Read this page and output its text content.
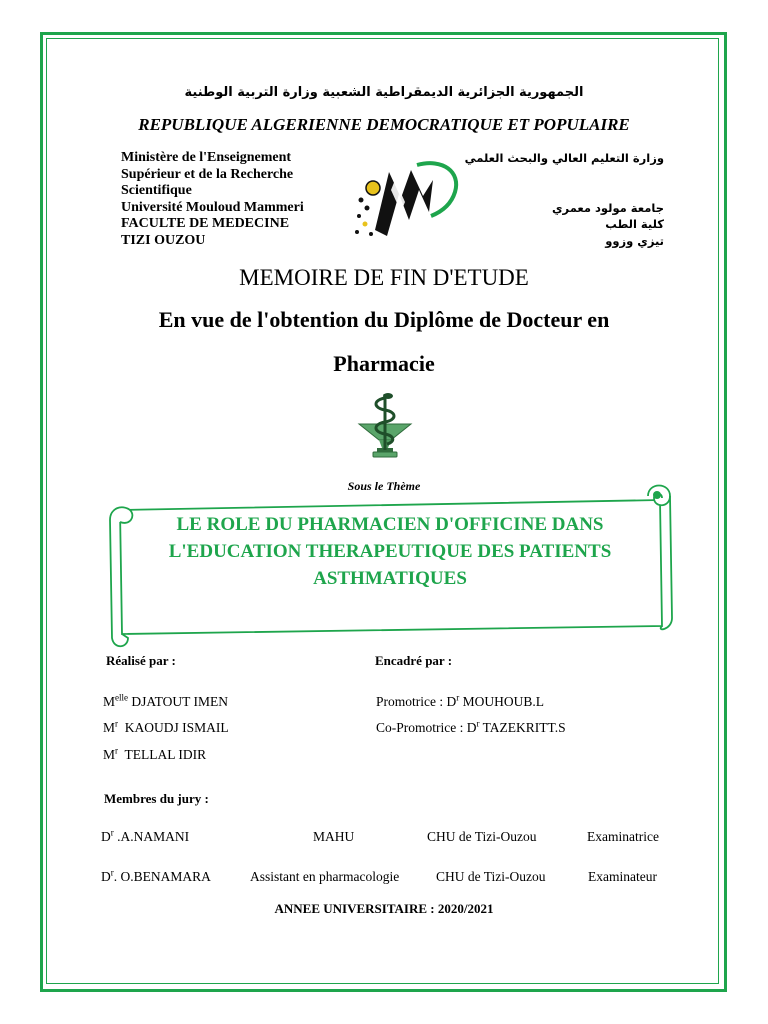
الجمهورية الجزائرية الديمقراطية الشعبية وزارة التربية الوطنية
REPUBLIQUE ALGERIENNE DEMOCRATIQUE ET POPULAIRE
Ministère de l'Enseignement
Supérieur et de la Recherche
Scientifique
Université Mouloud Mammeri
FACULTE DE MEDECINE
TIZI OUZOU
وزارة التعليم العالي والبحث العلمي
جامعة مولود معمري
كلية الطب
تيزي وزوو
MEMOIRE DE FIN D'ETUDE
En vue de l'obtention du Diplôme de Docteur en
Pharmacie
Sous le Thème
LE ROLE DU PHARMACIEN D'OFFICINE DANS
L'EDUCATION THERAPEUTIQUE DES PATIENTS
ASTHMATIQUES
Réalisé par :	Encadré par :
$M^{elle}$ DJATOUT IMEN
$M^r$  KAOUDJ ISMAIL
$M^r$  TELLAL IDIR
Promotrice : $D^r$ MOUHOUB.L
Co-Promotrice : $D^r$ TAZEKRITT.S
Membres du jury :
$D^r$ .A.NAMANI	MAHU	CHU de Tizi-Ouzou	Examinatrice
$D^r$. O.BENAMARA	Assistant en pharmacologie	CHU de Tizi-Ouzou	Examinateur
ANNEE UNIVERSITAIRE : 2020/2021
